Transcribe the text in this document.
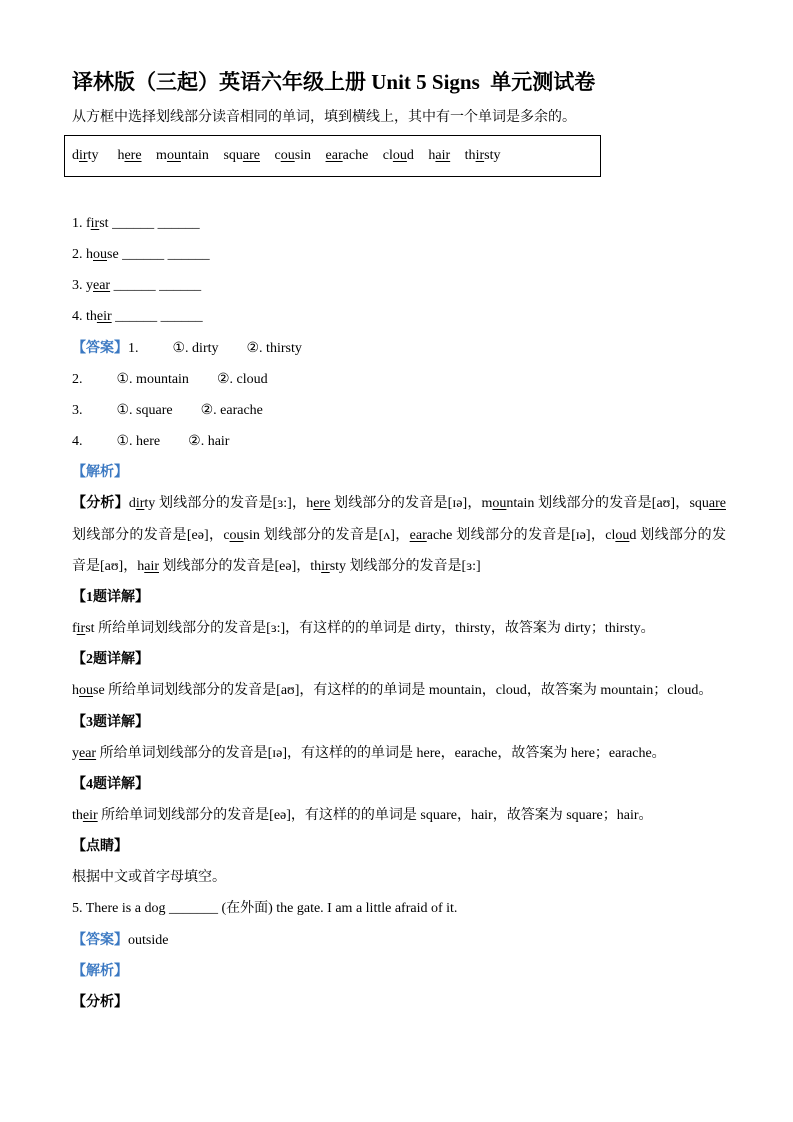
译林版（三起）英语六年级上册 Unit 5 Signs  单元测试卷
从方框中选择划线部分读音相同的单词，填到横线上，其中有一个单词是多余的。
dirty here mountain square cousin earache cloud hair thirsty
1. first ______ ______
2. house ______ ______
3. year ______ ______
4. their ______ ______
【答案】1. ①. dirty ②. thirsty
2. ①. mountain ②. cloud
3. ①. square ②. earache
4. ①. here ②. hair
【解析】
【分析】dirty 划线部分的发音是[ɜ:]，here 划线部分的发音是[ɪə]，mountain 划线部分的发音是[aʊ]，square 划线部分的发音是[eə]，cousin 划线部分的发音是[ʌ]，earache 划线部分的发音是[ɪə]，cloud 划线部分的发音是[aʊ]，hair 划线部分的发音是[eə]，thirsty 划线部分的发音是[ɜ:]
【1题详解】
first 所给单词划线部分的发音是[ɜ:]，有这样的的单词是 dirty，thirsty，故答案为 dirty；thirsty。
【2题详解】
house 所给单词划线部分的发音是[aʊ]，有这样的的单词是 mountain，cloud，故答案为 mountain；cloud。
【3题详解】
year 所给单词划线部分的发音是[ɪə]，有这样的的单词是 here，earache，故答案为 here；earache。
【4题详解】
their 所给单词划线部分的发音是[eə]，有这样的的单词是 square，hair，故答案为 square；hair。
【点睛】
根据中文或首字母填空。
5. There is a dog _______ (在外面) the gate. I am a little afraid of it.
【答案】outside
【解析】
【分析】
